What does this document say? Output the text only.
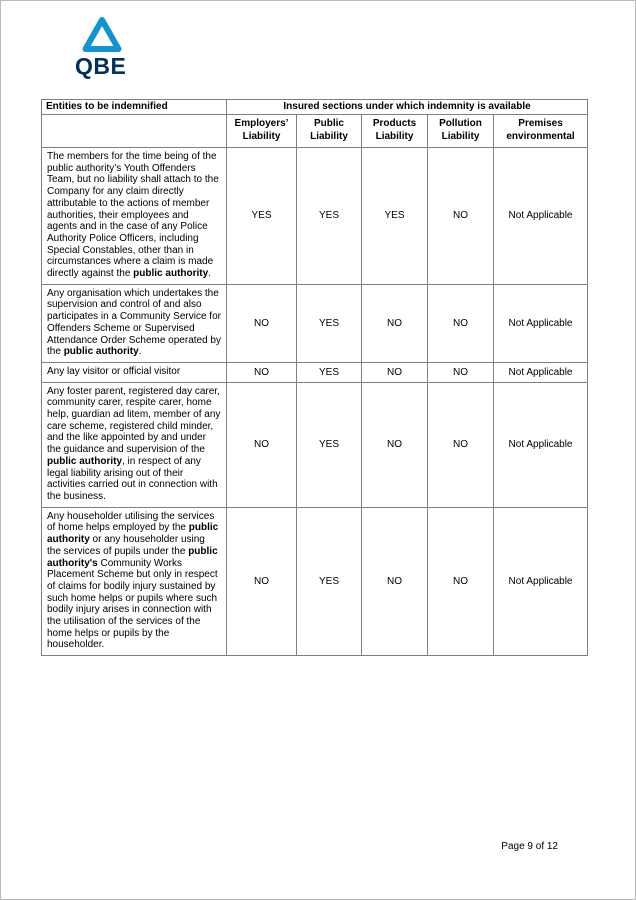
QBE
Entities to be indemnified	Insured sections under which indemnity is available				
	Employers’ Liability	Public Liability	Products Liability	Pollution Liability	Premises environmental
The members for the time being of the public authority’s Youth Offenders Team, but no liability shall attach to the Company for any claim directly attributable to the actions of member authorities, their employees and agents and in the case of any Police Authority Police Officers, including Special Constables, other than in circumstances where a claim is made directly against the public authority.	YES	YES	YES	NO	Not Applicable
Any organisation which undertakes the supervision and control of and also participates in a Community Service for Offenders Scheme or Supervised Attendance Order Scheme operated by the public authority.	NO	YES	NO	NO	Not Applicable
Any lay visitor or official visitor	NO	YES	NO	NO	Not Applicable
Any foster parent, registered day carer, community carer, respite carer, home help, guardian ad litem, member of any care scheme, registered child minder, and the like appointed by and under the guidance and supervision of the public authority, in respect of any legal liability arising out of their activities carried out in connection with the business.	NO	YES	NO	NO	Not Applicable
Any householder utilising the services of home helps employed by the public authority or any householder using the services of pupils under the public authority's Community Works Placement Scheme but only in respect of claims for bodily injury sustained by such home helps or pupils where such bodily injury arises in connection with the utilisation of the services of the home helps or pupils by the householder.	NO	YES	NO	NO	Not Applicable
Page 9 of 12
